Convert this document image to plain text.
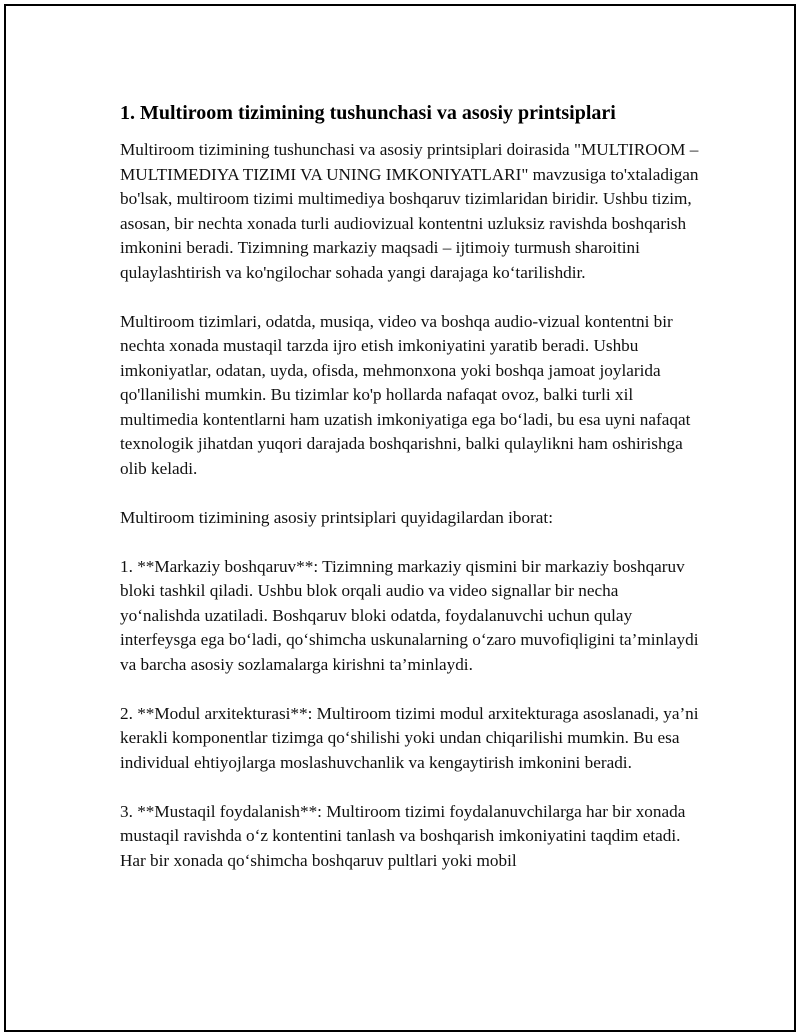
1. Multiroom tizimining tushunchasi va asosiy printsiplari

Multiroom tizimining tushunchasi va asosiy printsiplari doirasida "MULTIROOM – MULTIMEDIYA TIZIMI VA UNING IMKONIYATLARI" mavzusiga to'xtaladigan bo'lsak, multiroom tizimi multimediya boshqaruv tizimlaridan biridir. Ushbu tizim, asosan, bir nechta xonada turli audiovizual kontentni uzluksiz ravishda boshqarish imkonini beradi. Tizimning markaziy maqsadi – ijtimoiy turmush sharoitini qulaylashtirish va ko'ngilochar sohada yangi darajaga ko‘tarilishdir.

Multiroom tizimlari, odatda, musiqa, video va boshqa audio-vizual kontentni bir nechta xonada mustaqil tarzda ijro etish imkoniyatini yaratib beradi. Ushbu imkoniyatlar, odatan, uyda, ofisda, mehmonxona yoki boshqa jamoat joylarida qo'llanilishi mumkin. Bu tizimlar ko'p hollarda nafaqat ovoz, balki turli xil multimedia kontentlarni ham uzatish imkoniyatiga ega bo‘ladi, bu esa uyni nafaqat texnologik jihatdan yuqori darajada boshqarishni, balki qulaylikni ham oshirishga olib keladi.

Multiroom tizimining asosiy printsiplari quyidagilardan iborat:

1. **Markaziy boshqaruv**: Tizimning markaziy qismini bir markaziy boshqaruv bloki tashkil qiladi. Ushbu blok orqali audio va video signallar bir necha yo‘nalishda uzatiladi. Boshqaruv bloki odatda, foydalanuvchi uchun qulay interfeysga ega bo‘ladi, qo‘shimcha uskunalarning o‘zaro muvofiqligini ta’minlaydi va barcha asosiy sozlamalarga kirishni ta’minlaydi.

2. **Modul arxitekturasi**: Multiroom tizimi modul arxitekturaga asoslanadi, ya’ni kerakli komponentlar tizimga qo‘shilishi yoki undan chiqarilishi mumkin. Bu esa individual ehtiyojlarga moslashuvchanlik va kengaytirish imkonini beradi.

3. **Mustaqil foydalanish**: Multiroom tizimi foydalanuvchilarga har bir xonada mustaqil ravishda o‘z kontentini tanlash va boshqarish imkoniyatini taqdim etadi. Har bir xonada qo‘shimcha boshqaruv pultlari yoki mobil
